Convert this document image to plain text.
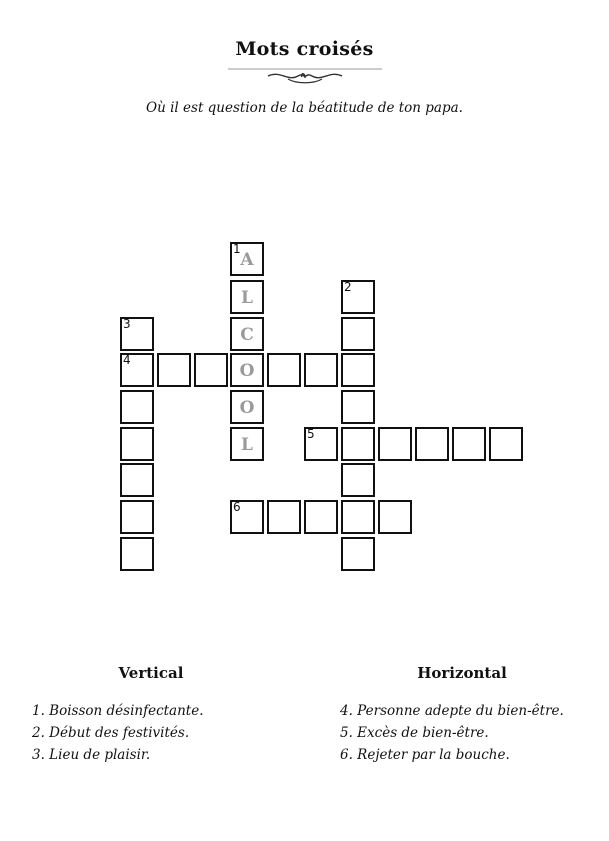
Mots croisés
Où il est question de la béatitude de ton papa.
1
A
L
C
O
O
L
3
4
2
5
6
Vertical	Horizontal
1. Boisson désinfectante.
2. Début des festivités.
3. Lieu de plaisir.
4. Personne adepte du bien-être.
5. Excès de bien-être.
6. Rejeter par la bouche.
